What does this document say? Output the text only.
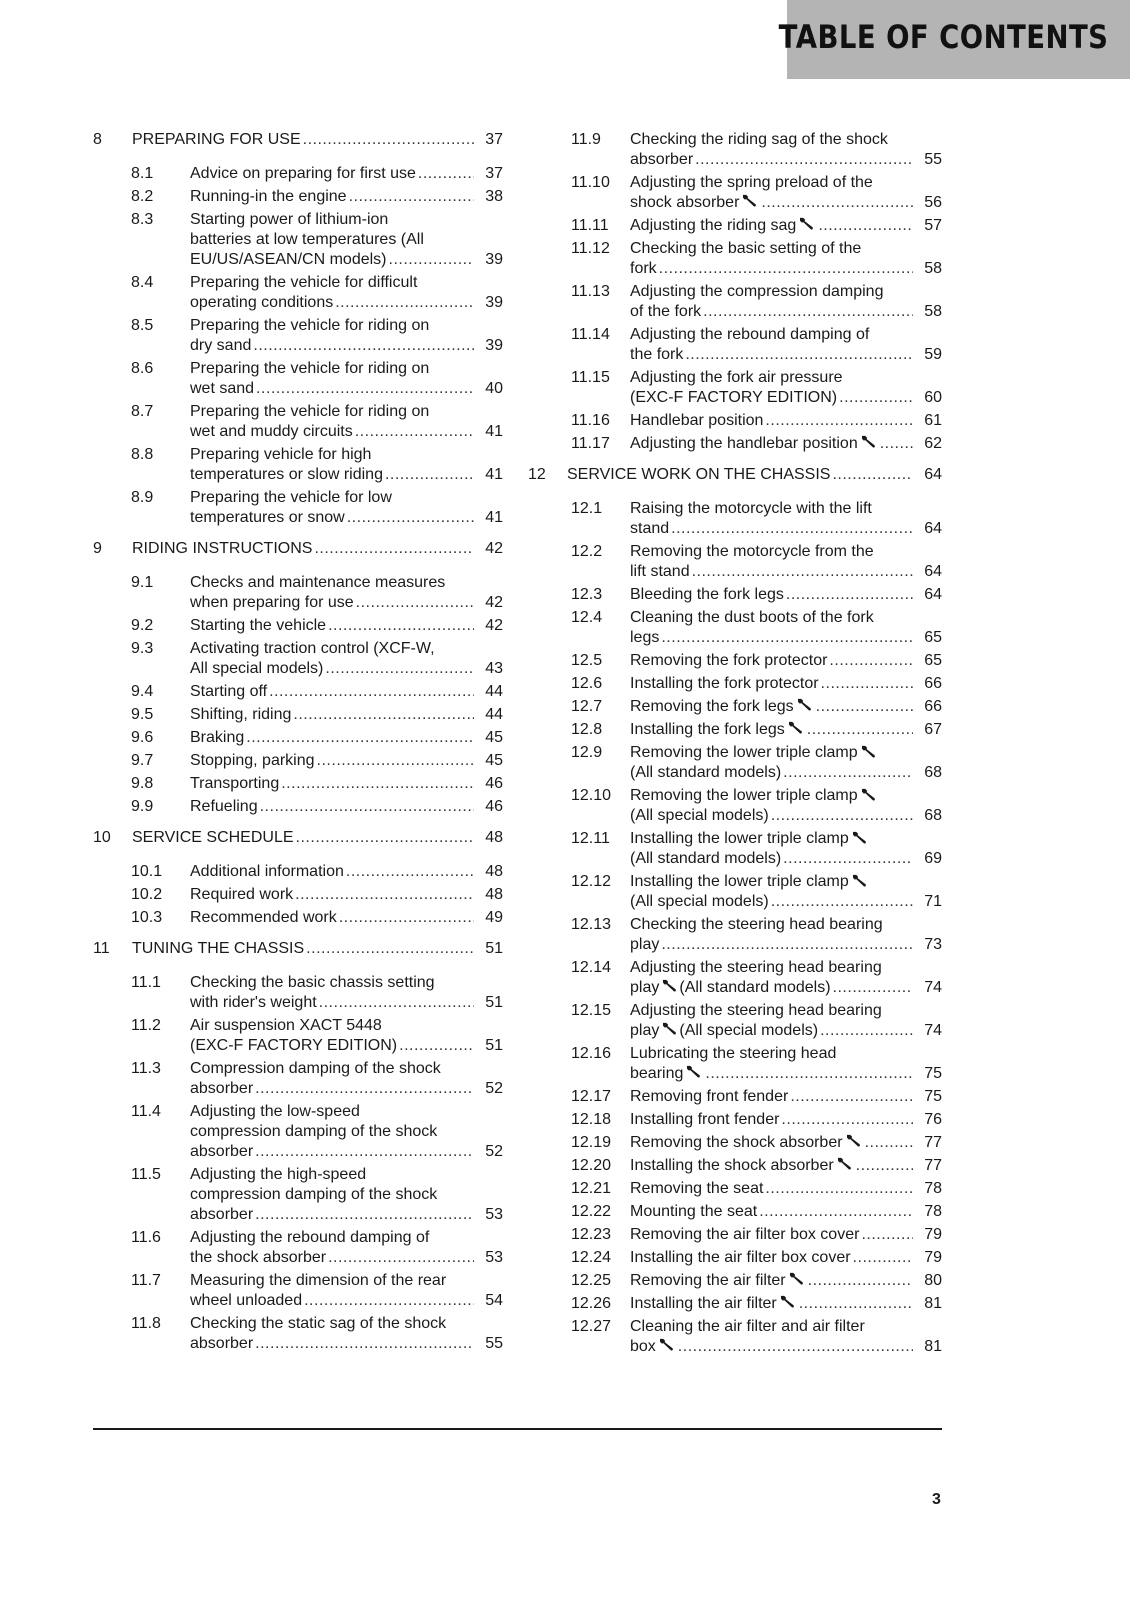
TABLE OF CONTENTS
8	PREPARING FOR USE .....	37
8.1	Advice on preparing for first use .....	37
8.2	Running-in the engine .....	38
8.3	Starting power of lithium-ion
batteries at low temperatures (All
EU/US/ASEAN/CN models) .....	39
8.4	Preparing the vehicle for difficult
operating conditions .....	39
8.5	Preparing the vehicle for riding on
dry sand .....	39
8.6	Preparing the vehicle for riding on
wet sand .....	40
8.7	Preparing the vehicle for riding on
wet and muddy circuits .....	41
8.8	Preparing vehicle for high
temperatures or slow riding .....	41
8.9	Preparing the vehicle for low
temperatures or snow .....	41
9	RIDING INSTRUCTIONS .....	42
9.1	Checks and maintenance measures
when preparing for use .....	42
9.2	Starting the vehicle .....	42
9.3	Activating traction control (XCF-W,
All special models) .....	43
9.4	Starting off .....	44
9.5	Shifting, riding .....	44
9.6	Braking .....	45
9.7	Stopping, parking .....	45
9.8	Transporting .....	46
9.9	Refueling .....	46
10	SERVICE SCHEDULE .....	48
10.1	Additional information .....	48
10.2	Required work .....	48
10.3	Recommended work .....	49
11	TUNING THE CHASSIS .....	51
11.1	Checking the basic chassis setting
with rider's weight .....	51
11.2	Air suspension XACT 5448
(EXC-F FACTORY EDITION) .....	51
11.3	Compression damping of the shock
absorber .....	52
11.4	Adjusting the low-speed
compression damping of the shock
absorber .....	52
11.5	Adjusting the high-speed
compression damping of the shock
absorber .....	53
11.6	Adjusting the rebound damping of
the shock absorber .....	53
11.7	Measuring the dimension of the rear
wheel unloaded .....	54
11.8	Checking the static sag of the shock
absorber .....	55
11.9	Checking the riding sag of the shock
absorber .....	55
11.10	Adjusting the spring preload of the
shock absorber .....	56
11.11	Adjusting the riding sag .....	57
11.12	Checking the basic setting of the
fork .....	58
11.13	Adjusting the compression damping
of the fork .....	58
11.14	Adjusting the rebound damping of
the fork .....	59
11.15	Adjusting the fork air pressure
(EXC-F FACTORY EDITION) .....	60
11.16	Handlebar position .....	61
11.17	Adjusting the handlebar position .....	62
12	SERVICE WORK ON THE CHASSIS .....	64
12.1	Raising the motorcycle with the lift
stand .....	64
12.2	Removing the motorcycle from the
lift stand .....	64
12.3	Bleeding the fork legs .....	64
12.4	Cleaning the dust boots of the fork
legs .....	65
12.5	Removing the fork protector .....	65
12.6	Installing the fork protector .....	66
12.7	Removing the fork legs .....	66
12.8	Installing the fork legs .....	67
12.9	Removing the lower triple clamp
(All standard models) .....	68
12.10	Removing the lower triple clamp
(All special models) .....	68
12.11	Installing the lower triple clamp
(All standard models) .....	69
12.12	Installing the lower triple clamp
(All special models) .....	71
12.13	Checking the steering head bearing
play .....	73
12.14	Adjusting the steering head bearing
play (All standard models) .....	74
12.15	Adjusting the steering head bearing
play (All special models) .....	74
12.16	Lubricating the steering head
bearing .....	75
12.17	Removing front fender .....	75
12.18	Installing front fender .....	76
12.19	Removing the shock absorber .....	77
12.20	Installing the shock absorber .....	77
12.21	Removing the seat .....	78
12.22	Mounting the seat .....	78
12.23	Removing the air filter box cover .....	79
12.24	Installing the air filter box cover .....	79
12.25	Removing the air filter .....	80
12.26	Installing the air filter .....	81
12.27	Cleaning the air filter and air filter
box .....	81
3
